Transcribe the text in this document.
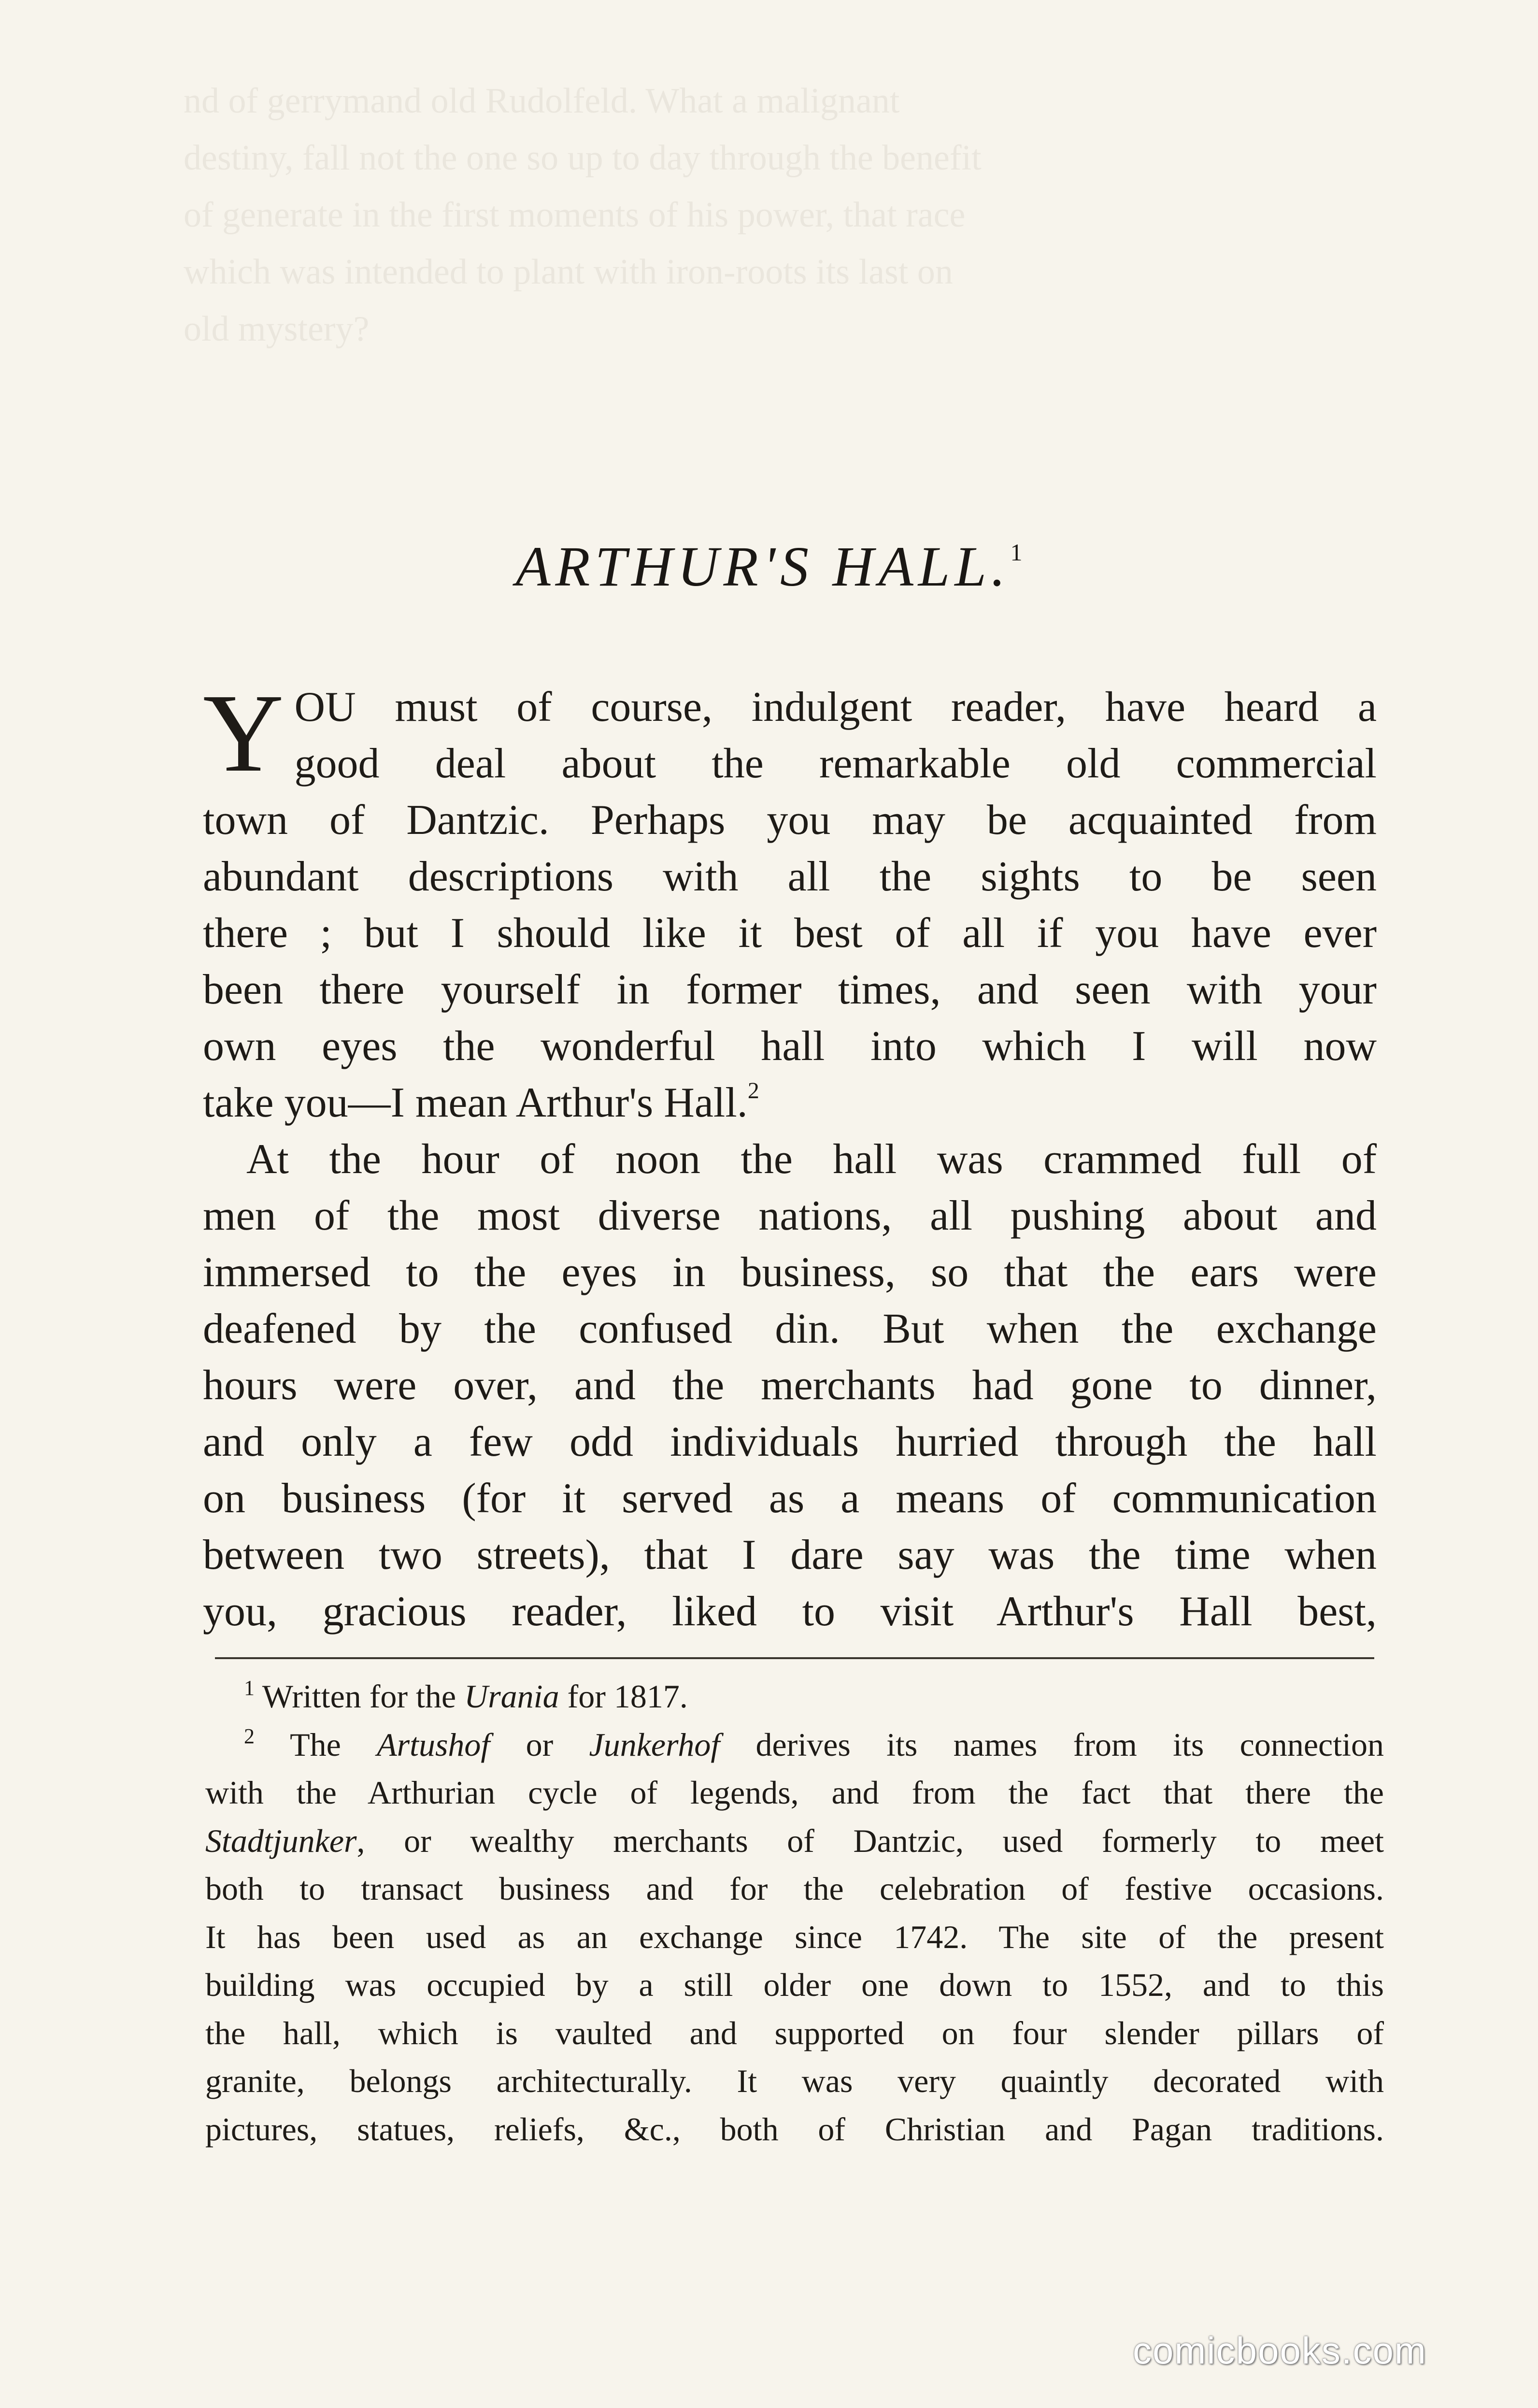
nd of gerrymand old Rudolfeld. What a malignant
destiny, fall not the one so up to day through the benefit
of generate in the first moments of his power, that race
which was intended to plant with iron-roots its last on
old mystery?
ARTHUR'S HALL.$^1$

Y OU must of course, indulgent reader, have heard a
good deal about the remarkable old commercial
town of Dantzic. Perhaps you may be acquainted from
abundant descriptions with all the sights to be seen
there ; but I should like it best of all if you have ever
been there yourself in former times, and seen with your
own eyes the wonderful hall into which I will now
take you—I mean Arthur's Hall.$^2$

At the hour of noon the hall was crammed full of
men of the most diverse nations, all pushing about and
immersed to the eyes in business, so that the ears were
deafened by the confused din. But when the exchange
hours were over, and the merchants had gone to dinner,
and only a few odd individuals hurried through the hall
on business (for it served as a means of communication
between two streets), that I dare say was the time when
you, gracious reader, liked to visit Arthur's Hall best,

$^1$ Written for the Urania for 1817.
$^2$ The Artushof or Junkerhof derives its names from its connection
with the Arthurian cycle of legends, and from the fact that there the
Stadtjunker, or wealthy merchants of Dantzic, used formerly to meet
both to transact business and for the celebration of festive occasions.
It has been used as an exchange since 1742. The site of the present
building was occupied by a still older one down to 1552, and to this
the hall, which is vaulted and supported on four slender pillars of
granite, belongs architecturally. It was very quaintly decorated with
pictures, statues, reliefs, &c., both of Christian and Pagan traditions.
comicbooks.com
